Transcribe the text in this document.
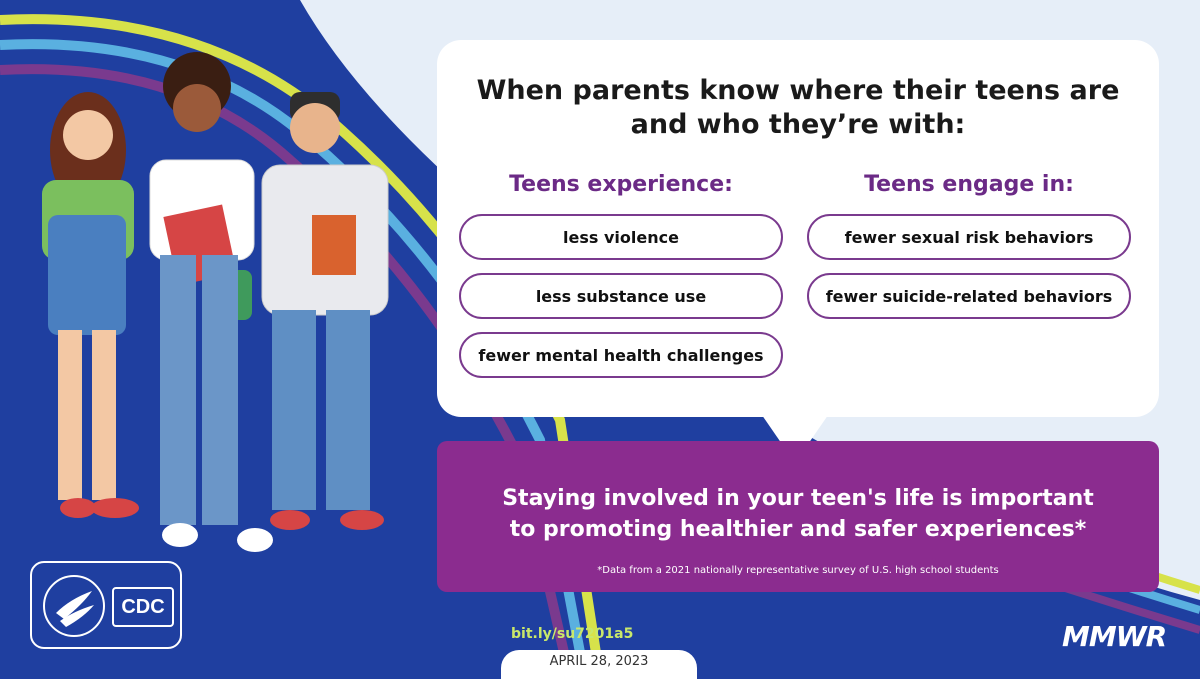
When parents know where their teens are
and who they’re with:
Teens experience:	Teens engage in:
less violence
less substance use
fewer mental health challenges
fewer sexual risk behaviors
fewer suicide-related behaviors
Staying involved in your teen's life is important
to promoting healthier and safer experiences*
*Data from a 2021 nationally representative survey of U.S. high school students
CDC
bit.ly/su7201a5
APRIL 28, 2023
MMWR
